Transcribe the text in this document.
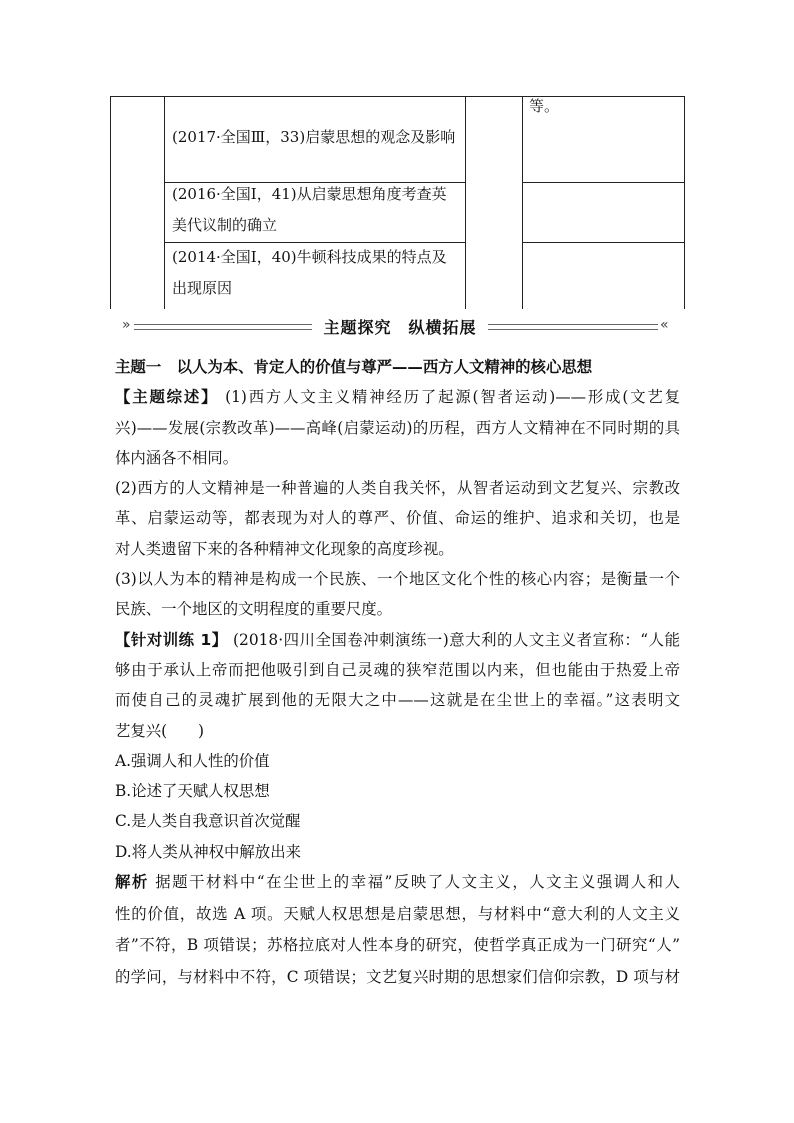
(2017·全国Ⅲ，33)启蒙思想的观念及影响
等。
(2016·全国Ⅰ，41)从启蒙思想角度考查英
美代议制的确立
(2014·全国Ⅰ，40)牛顿科技成果的特点及
出现原因
»	主题探究　纵横拓展	«
主题一　以人为本、肯定人的价值与尊严——西方人文精神的核心思想
【主题综述】 (1)西方人文主义精神经历了起源(智者运动)——形成(文艺复
兴)——发展(宗教改革)——高峰(启蒙运动)的历程，西方人文精神在不同时期的具
体内涵各不相同。
(2)西方的人文精神是一种普遍的人类自我关怀，从智者运动到文艺复兴、宗教改
革、启蒙运动等，都表现为对人的尊严、价值、命运的维护、追求和关切，也是
对人类遗留下来的各种精神文化现象的高度珍视。
(3)以人为本的精神是构成一个民族、一个地区文化个性的核心内容；是衡量一个
民族、一个地区的文明程度的重要尺度。
【针对训练 1】 (2018·四川全国卷冲刺演练一)意大利的人文主义者宣称：“人能
够由于承认上帝而把他吸引到自己灵魂的狭窄范围以内来，但也能由于热爱上帝
而使自己的灵魂扩展到他的无限大之中——这就是在尘世上的幸福。”这表明文
艺复兴(　　)
A.强调人和人性的价值
B.论述了天赋人权思想
C.是人类自我意识首次觉醒
D.将人类从神权中解放出来
解析 据题干材料中“在尘世上的幸福”反映了人文主义，人文主义强调人和人
性的价值，故选 A 项。天赋人权思想是启蒙思想，与材料中“意大利的人文主义
者”不符，B 项错误；苏格拉底对人性本身的研究，使哲学真正成为一门研究“人”
的学问，与材料中不符，C 项错误；文艺复兴时期的思想家们信仰宗教，D 项与材
